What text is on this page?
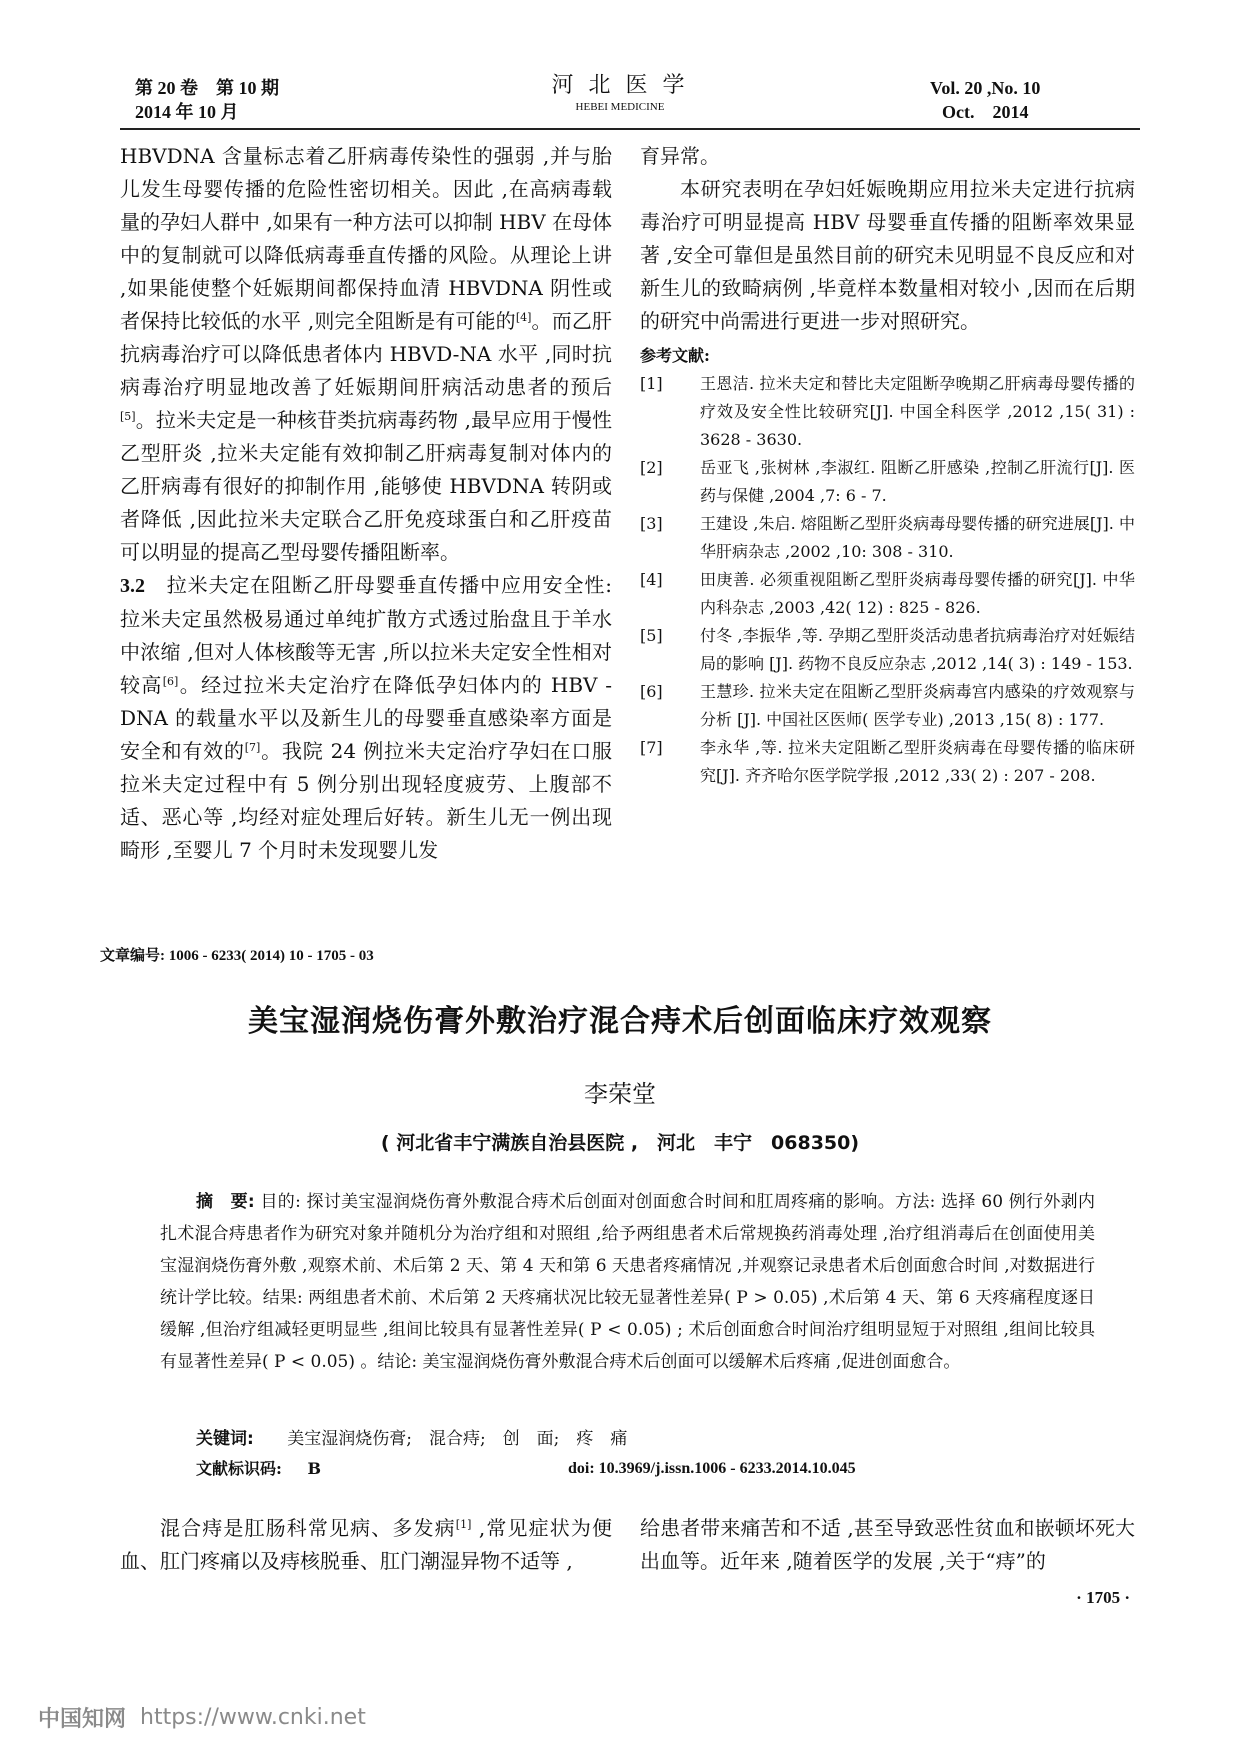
第 20 卷　第 10 期
2014 年 10 月
河 北 医 学
HEBEI MEDICINE
Vol. 20 ,No. 10
Oct.　2014

HBVDNA 含量标志着乙肝病毒传染性的强弱 ,并与胎儿发生母婴传播的危险性密切相关。因此 ,在高病毒载量的孕妇人群中 ,如果有一种方法可以抑制 HBV 在母体中的复制就可以降低病毒垂直传播的风险。从理论上讲 ,如果能使整个妊娠期间都保持血清 HBVDNA 阴性或者保持比较低的水平 ,则完全阻断是有可能的[4]。而乙肝抗病毒治疗可以降低患者体内 HBVD-NA 水平 ,同时抗病毒治疗明显地改善了妊娠期间肝病活动患者的预后[5]。拉米夫定是一种核苷类抗病毒药物 ,最早应用于慢性乙型肝炎 ,拉米夫定能有效抑制乙肝病毒复制对体内的乙肝病毒有很好的抑制作用 ,能够使 HBVDNA 转阴或者降低 ,因此拉米夫定联合乙肝免疫球蛋白和乙肝疫苗可以明显的提高乙型母婴传播阻断率。

3.2　拉米夫定在阻断乙肝母婴垂直传播中应用安全性: 拉米夫定虽然极易通过单纯扩散方式透过胎盘且于羊水中浓缩 ,但对人体核酸等无害 ,所以拉米夫定安全性相对较高[6]。经过拉米夫定治疗在降低孕妇体内的 HBV - DNA 的载量水平以及新生儿的母婴垂直感染率方面是安全和有效的[7]。我院 24 例拉米夫定治疗孕妇在口服拉米夫定过程中有 5 例分别出现轻度疲劳、上腹部不适、恶心等 ,均经对症处理后好转。新生儿无一例出现畸形 ,至婴儿 7 个月时未发现婴儿发

育异常。

本研究表明在孕妇妊娠晚期应用拉米夫定进行抗病毒治疗可明显提高 HBV 母婴垂直传播的阻断率效果显著 ,安全可靠但是虽然目前的研究未见明显不良反应和对新生儿的致畸病例 ,毕竟样本数量相对较小 ,因而在后期的研究中尚需进行更进一步对照研究。

参考文献:
[1] 王恩洁. 拉米夫定和替比夫定阻断孕晚期乙肝病毒母婴传播的疗效及安全性比较研究[J]. 中国全科医学 ,2012 ,15( 31) : 3628 - 3630.
[2] 岳亚飞 ,张树林 ,李淑红. 阻断乙肝感染 ,控制乙肝流行[J]. 医药与保健 ,2004 ,7: 6 - 7.
[3] 王建设 ,朱启. 熔阻断乙型肝炎病毒母婴传播的研究进展[J]. 中华肝病杂志 ,2002 ,10: 308 - 310.
[4] 田庚善. 必须重视阻断乙型肝炎病毒母婴传播的研究[J]. 中华内科杂志 ,2003 ,42( 12) : 825 - 826.
[5] 付冬 ,李振华 ,等. 孕期乙型肝炎活动患者抗病毒治疗对妊娠结局的影响 [J]. 药物不良反应杂志 ,2012 ,14( 3) : 149 - 153.
[6] 王慧珍. 拉米夫定在阻断乙型肝炎病毒宫内感染的疗效观察与分析 [J]. 中国社区医师( 医学专业) ,2013 ,15( 8) : 177.
[7] 李永华 ,等. 拉米夫定阻断乙型肝炎病毒在母婴传播的临床研究[J]. 齐齐哈尔医学院学报 ,2012 ,33( 2) : 207 - 208.
文章编号: 1006 - 6233( 2014) 10 - 1705 - 03
美宝湿润烧伤膏外敷治疗混合痔术后创面临床疗效观察
李荣堂
( 河北省丰宁满族自治县医院 ,　河北　丰宁　068350)
摘　要: 目的: 探讨美宝湿润烧伤膏外敷混合痔术后创面对创面愈合时间和肛周疼痛的影响。方法: 选择 60 例行外剥内扎术混合痔患者作为研究对象并随机分为治疗组和对照组 ,给予两组患者术后常规换药消毒处理 ,治疗组消毒后在创面使用美宝湿润烧伤膏外敷 ,观察术前、术后第 2 天、第 4 天和第 6 天患者疼痛情况 ,并观察记录患者术后创面愈合时间 ,对数据进行统计学比较。结果: 两组患者术前、术后第 2 天疼痛状况比较无显著性差异( P > 0.05) ,术后第 4 天、第 6 天疼痛程度逐日缓解 ,但治疗组减轻更明显些 ,组间比较具有显著性差异( P < 0.05) ; 术后创面愈合时间治疗组明显短于对照组 ,组间比较具有显著性差异( P < 0.05) 。结论: 美宝湿润烧伤膏外敷混合痔术后创面可以缓解术后疼痛 ,促进创面愈合。
关键词: 美宝湿润烧伤膏;　混合痔;　创　面;　疼　痛
文献标识码: B	doi: 10.3969/j.issn.1006 - 6233.2014.10.045

混合痔是肛肠科常见病、多发病[1] ,常见症状为便血、肛门疼痛以及痔核脱垂、肛门潮湿异物不适等 ,

给患者带来痛苦和不适 ,甚至导致恶性贫血和嵌顿坏死大出血等。近年来 ,随着医学的发展 ,关于“痔”的

· 1705 ·
中国知网 https://www.cnki.net
